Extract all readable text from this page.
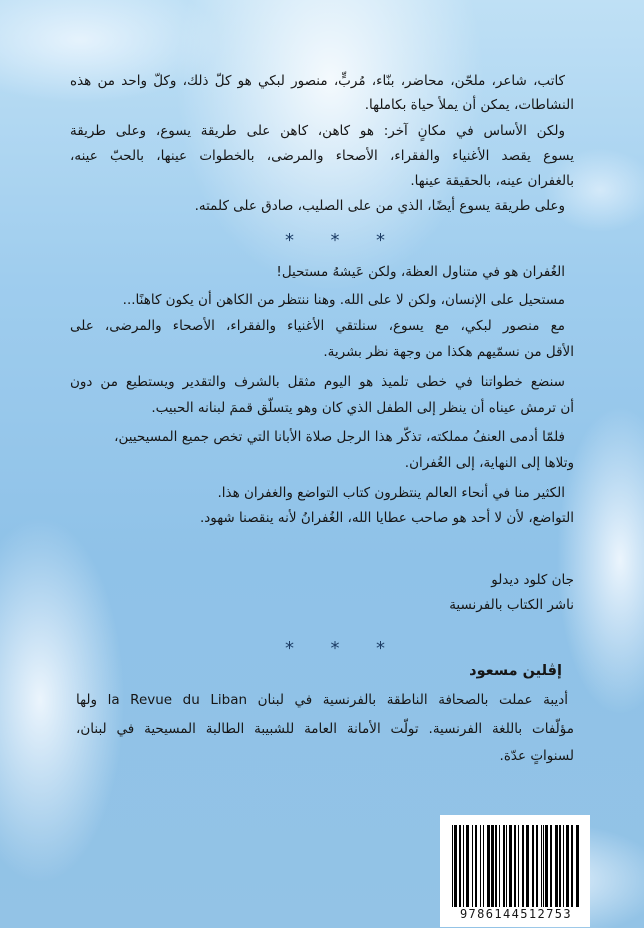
كاتب، شاعر، ملحّن، محاضر، بنّاء، مُربٍّ، منصور لبكي هو كلّ ذلك، وكلّ واحد من هذه
النشاطات، يمكن أن يملأ حياة بكاملها.
ولكن الأساس في مكانٍ آخر: هو كاهن، كاهن على طريقة يسوع، وعلى طريقة
يسوع يقصد الأغنياء والفقراء، الأصحاء والمرضى، بالخطوات عينها، بالحبّ عينه،
بالغفران عينه، بالحقيقة عينها.
وعلى طريقة يسوع أيضًا، الذي من على الصليب، صادق على كلمته.
* * *
الغُفران هو في متناول العظة، ولكن عَيشهُ مستحيل!
مستحيل على الإنسان، ولكن لا على الله. وهنا ننتظر من الكاهن أن يكون كاهنًا...
مع منصور لبكي، مع يسوع، سنلتقي الأغنياء والفقراء، الأصحاء والمرضى، على
الأقل من نسمّيهم هكذا من وجهة نظر بشرية.
سنضع خطواتنا في خطى تلميذ هو اليوم مثقل بالشرف والتقدير ويستطيع من دون
أن ترمش عيناه أن ينظر إلى الطفل الذي كان وهو يتسلّق قممَ لبنانه الحبيب.
فلمّا أدمى العنفُ مملكته، تذكّر هذا الرجل صلاة الأبانا التي تخص جميع المسيحيين،
وتلاها إلى النهاية، إلى الغُفران.
الكثير منا في أنحاء العالم ينتظرون كتاب التواضع والغفران هذا.
التواضع، لأن لا أحد هو صاحب عطايا الله، الغُفرانُ لأنه ينقصنا شهود.
جان كلود ديدلو
ناشر الكتاب بالفرنسية
* * *
إڤلين مسعود
أديبة عملت بالصحافة الناطقة بالفرنسية في لبنان la Revue du Liban ولها
مؤلّفات باللغة الفرنسية. تولّت الأمانة العامة للشبيبة الطالبة المسيحية في لبنان،
لسنواتٍ عدّة.
9786144512753
